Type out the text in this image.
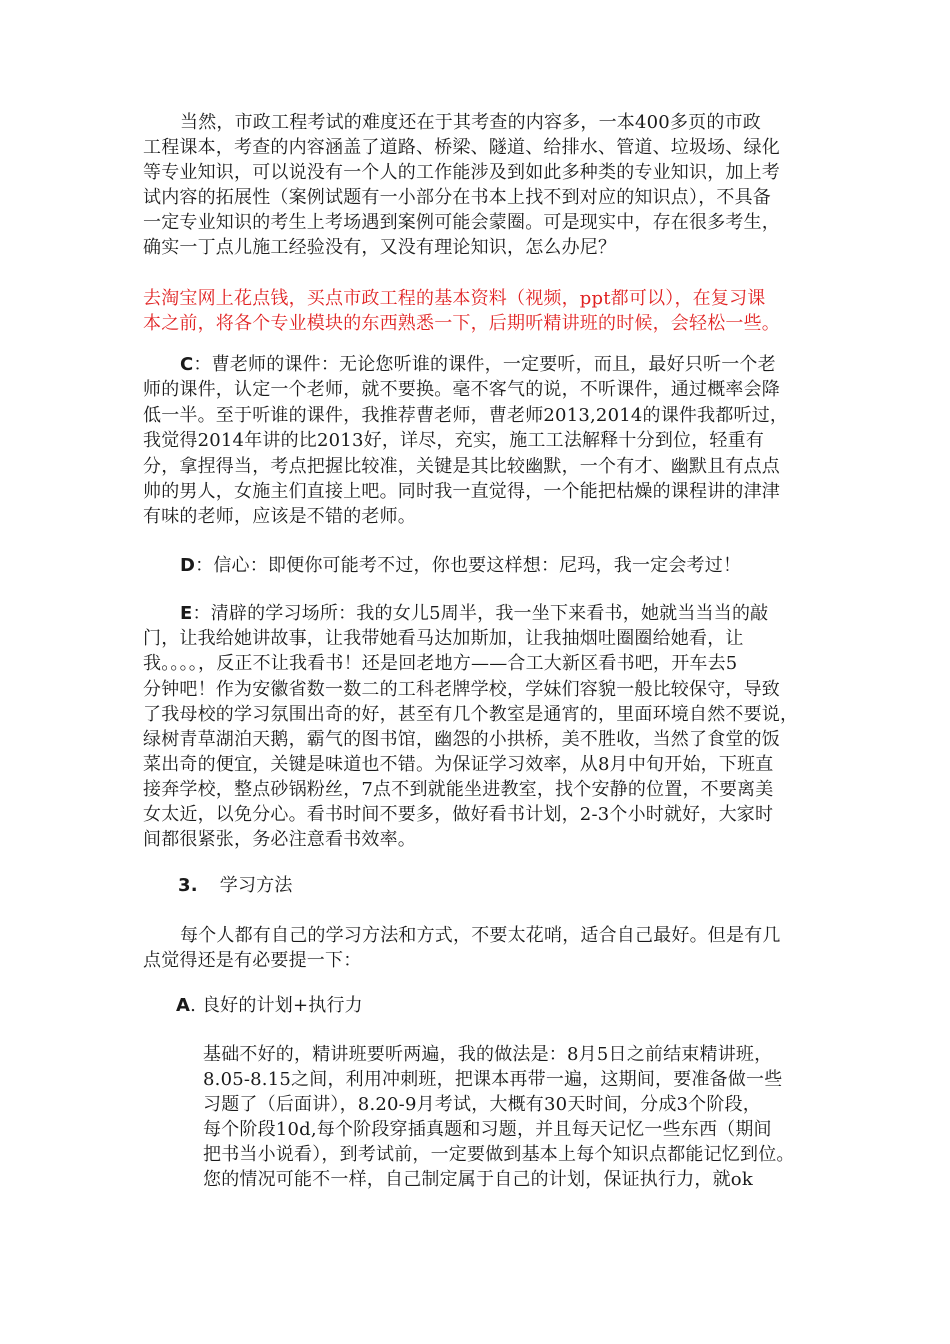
当然，市政工程考试的难度还在于其考查的内容多，一本400多页的市政
工程课本，考查的内容涵盖了道路、桥梁、隧道、给排水、管道、垃圾场、绿化
等专业知识，可以说没有一个人的工作能涉及到如此多种类的专业知识，加上考
试内容的拓展性（案例试题有一小部分在书本上找不到对应的知识点），不具备
一定专业知识的考生上考场遇到案例可能会蒙圈。可是现实中，存在很多考生，
确实一丁点儿施工经验没有，又没有理论知识，怎么办尼？
去淘宝网上花点钱，买点市政工程的基本资料（视频，ppt都可以），在复习课
本之前，将各个专业模块的东西熟悉一下，后期听精讲班的时候，会轻松一些。
C：曹老师的课件：无论您听谁的课件，一定要听，而且，最好只听一个老
师的课件，认定一个老师，就不要换。毫不客气的说，不听课件，通过概率会降
低一半。至于听谁的课件，我推荐曹老师，曹老师2013,2014的课件我都听过，
我觉得2014年讲的比2013好，详尽，充实，施工工法解释十分到位，轻重有
分，拿捏得当，考点把握比较准，关键是其比较幽默，一个有才、幽默且有点点
帅的男人，女施主们直接上吧。同时我一直觉得，一个能把枯燥的课程讲的津津
有味的老师，应该是不错的老师。
D：信心：即便你可能考不过，你也要这样想：尼玛，我一定会考过！
E：清辟的学习场所：我的女儿5周半，我一坐下来看书，她就当当当的敲
门，让我给她讲故事，让我带她看马达加斯加，让我抽烟吐圈圈给她看，让
我。。。。，反正不让我看书！还是回老地方——合工大新区看书吧，开车去5
分钟吧！作为安徽省数一数二的工科老牌学校，学妹们容貌一般比较保守，导致
了我母校的学习氛围出奇的好，甚至有几个教室是通宵的，里面环境自然不要说，
绿树青草湖泊天鹅，霸气的图书馆，幽怨的小拱桥，美不胜收，当然了食堂的饭
菜出奇的便宜，关键是味道也不错。为保证学习效率，从8月中旬开始，下班直
接奔学校，整点砂锅粉丝，7点不到就能坐进教室，找个安静的位置，不要离美
女太近，以免分心。看书时间不要多，做好看书计划，2-3个小时就好，大家时
间都很紧张，务必注意看书效率。
3. 学习方法
每个人都有自己的学习方法和方式，不要太花哨，适合自己最好。但是有几
点觉得还是有必要提一下：
A. 良好的计划+执行力
基础不好的，精讲班要听两遍，我的做法是：8月5日之前结束精讲班，
8.05-8.15之间，利用冲刺班，把课本再带一遍，这期间，要准备做一些
习题了（后面讲），8.20-9月考试，大概有30天时间，分成3个阶段，
每个阶段10d,每个阶段穿插真题和习题，并且每天记忆一些东西（期间
把书当小说看），到考试前，一定要做到基本上每个知识点都能记忆到位。
您的情况可能不一样，自己制定属于自己的计划，保证执行力，就ok
